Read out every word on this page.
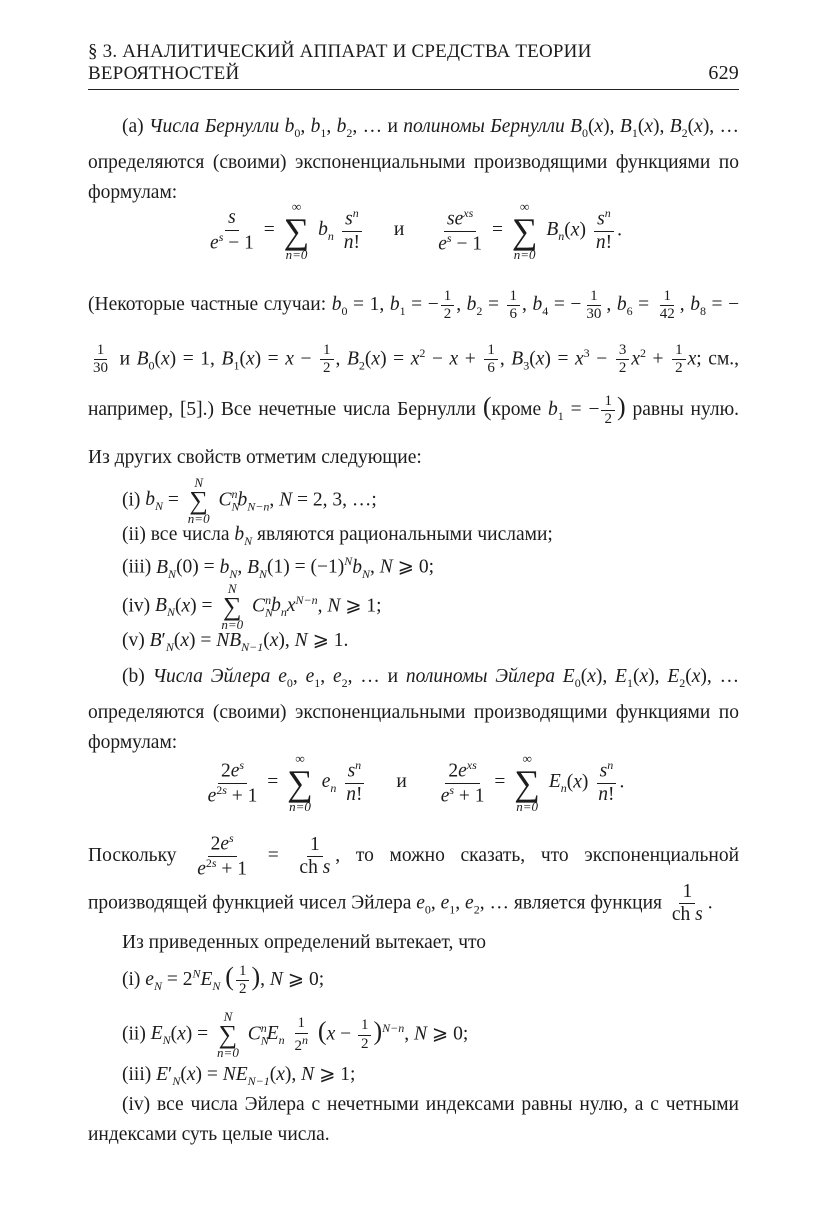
§ 3. АНАЛИТИЧЕСКИЙ АППАРАТ И СРЕДСТВА ТЕОРИИ ВЕРОЯТНОСТЕЙ	629
(a) Числа Бернулли $b_0$, $b_1$, $b_2$, … и полиномы Бернулли $B_0(x)$, $B_1(x)$, $B_2(x)$, … определяются (своими) экспоненциальными производящими функциями по формулам:
$\frac{s}{e^s - 1}$ =
∞
∑
n=0
$b_n \frac{s^n}{n!}$ и $\frac{se^{xs}}{e^s - 1}$ =
∞
∑
n=0
$B_n(x) \frac{s^n}{n!}$ .
(Некоторые частные случаи: $b_0 = 1$, $b_1$ = − $\frac{1}{2}$ , $b_2 = \frac{1}{6}$ , $b_4$ = − $\frac{1}{30}$ , $b_6 = \frac{1}{42}$ , $b_8$ = −
$\frac{1}{30}$ и $B_0(x) = 1$, $B_1(x) = x - \frac{1}{2}$ , $B_2(x) = x^2 - x + \frac{1}{6}$ , $B_3(x) = x^3 - \frac{3}{2} x^2 + \frac{1}{2} x$; см., например, [5].) Все нечетные числа Бернулли (кроме $b_1$ = − $\frac{1}{2}$ ) равны нулю. Из других свойств отметим следующие:
(i) $b_N$ =
N
∑
n=0
$C_N^nb_{N-n}$, N = 2, 3, …;
(ii) все числа $b_N$ являются рациональными числами;
(iii) $B_N(0) = b_N$, $B_N(1) = (-1)^Nb_N$, N ⩾ 0;
(iv) $B_N(x)$ =
N
∑
n=0
$C_N^nb_nx^{N-n}$, N ⩾ 1;
(v) $B'_N(x) = NB_{N-1}(x)$, N ⩾ 1.
(b) Числа Эйлера $e_0$, $e_1$, $e_2$, … и полиномы Эйлера $E_0(x)$, $E_1(x)$, $E_2(x)$, … определяются (своими) экспоненциальными производящими функциями по формулам:
$\frac{2e^s}{e^{2s} + 1}$ =
∞
∑
n=0
$e_n \frac{s^n}{n!}$ и $\frac{2e^{xs}}{e^s + 1}$ =
∞
∑
n=0
$E_n(x) \frac{s^n}{n!}$ .
Поскольку $\frac{2e^s}{e^{2s} + 1} = \frac{1}{\text{ch s}}$ , то можно сказать, что экспоненциальной производящей функцией чисел Эйлера $e_0$, $e_1$, $e_2$, … является функция $\frac{1}{\text{ch s}}$ .
Из приведенных определений вытекает, что
(i) $e_N = 2^NE_N$ ( $\frac{1}{2}$ ), N ⩾ 0;
(ii) $E_N(x)$ =
N
∑
n=0
$C_N^nE_n \frac{1}{2^n} (x - \frac{1}{2} )^{N-n}$, N ⩾ 0;
(iii) $E'_N(x) = NE_{N-1}(x)$, N ⩾ 1;
(iv) все числа Эйлера с нечетными индексами равны нулю, а с четными индексами суть целые числа.
